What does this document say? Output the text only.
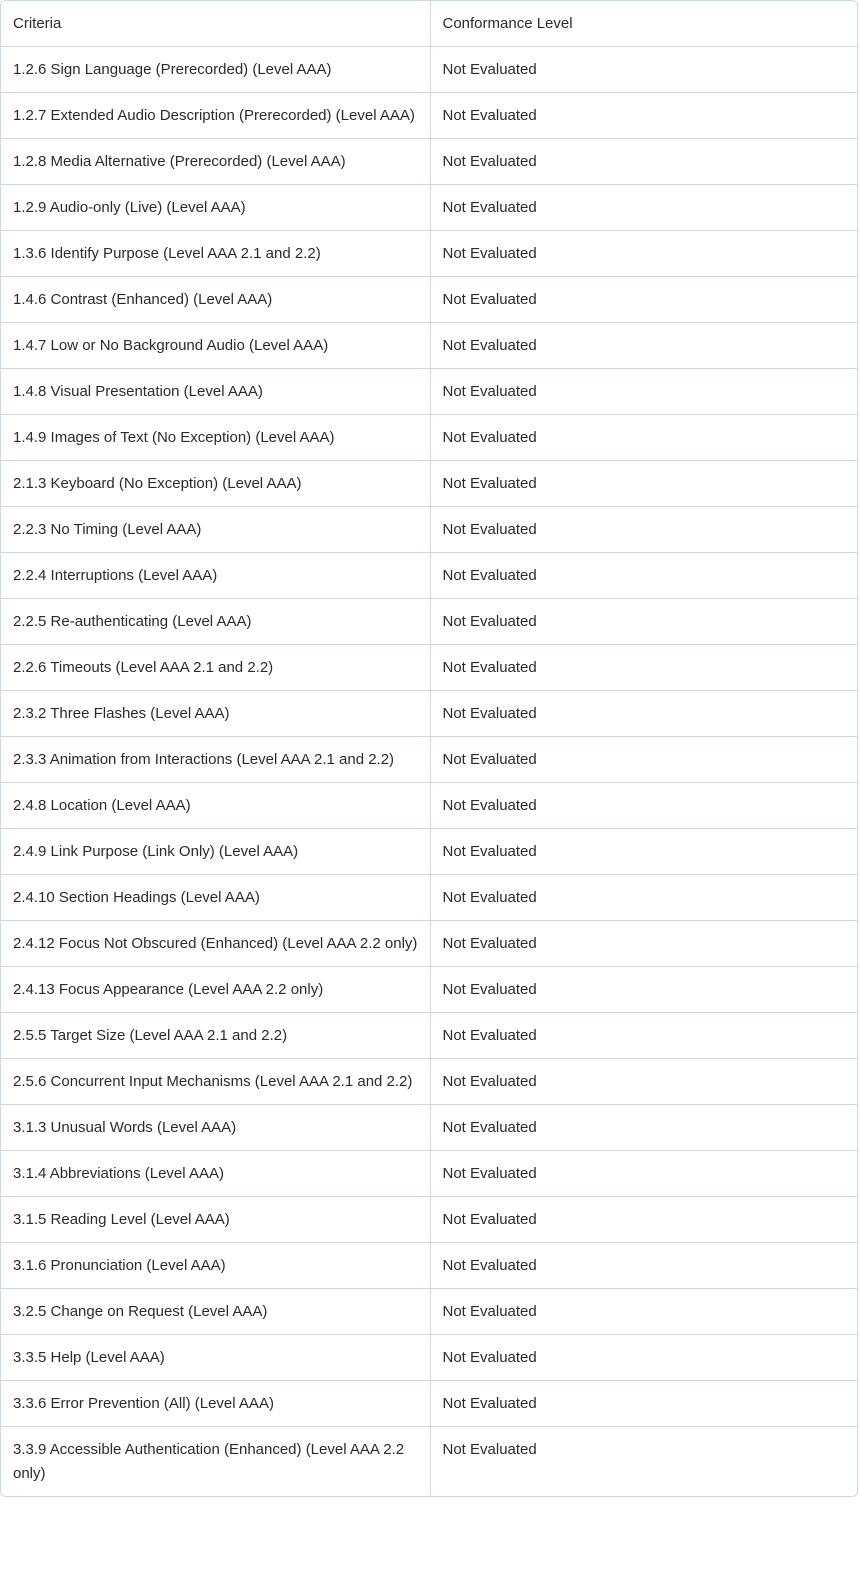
Criteria	Conformance Level
1.2.6 Sign Language (Prerecorded) (Level AAA)	Not Evaluated
1.2.7 Extended Audio Description (Prerecorded) (Level AAA)	Not Evaluated
1.2.8 Media Alternative (Prerecorded) (Level AAA)	Not Evaluated
1.2.9 Audio-only (Live) (Level AAA)	Not Evaluated
1.3.6 Identify Purpose (Level AAA 2.1 and 2.2)	Not Evaluated
1.4.6 Contrast (Enhanced) (Level AAA)	Not Evaluated
1.4.7 Low or No Background Audio (Level AAA)	Not Evaluated
1.4.8 Visual Presentation (Level AAA)	Not Evaluated
1.4.9 Images of Text (No Exception) (Level AAA)	Not Evaluated
2.1.3 Keyboard (No Exception) (Level AAA)	Not Evaluated
2.2.3 No Timing (Level AAA)	Not Evaluated
2.2.4 Interruptions (Level AAA)	Not Evaluated
2.2.5 Re-authenticating (Level AAA)	Not Evaluated
2.2.6 Timeouts (Level AAA 2.1 and 2.2)	Not Evaluated
2.3.2 Three Flashes (Level AAA)	Not Evaluated
2.3.3 Animation from Interactions (Level AAA 2.1 and 2.2)	Not Evaluated
2.4.8 Location (Level AAA)	Not Evaluated
2.4.9 Link Purpose (Link Only) (Level AAA)	Not Evaluated
2.4.10 Section Headings (Level AAA)	Not Evaluated
2.4.12 Focus Not Obscured (Enhanced) (Level AAA 2.2 only)	Not Evaluated
2.4.13 Focus Appearance (Level AAA 2.2 only)	Not Evaluated
2.5.5 Target Size (Level AAA 2.1 and 2.2)	Not Evaluated
2.5.6 Concurrent Input Mechanisms (Level AAA 2.1 and 2.2)	Not Evaluated
3.1.3 Unusual Words (Level AAA)	Not Evaluated
3.1.4 Abbreviations (Level AAA)	Not Evaluated
3.1.5 Reading Level (Level AAA)	Not Evaluated
3.1.6 Pronunciation (Level AAA)	Not Evaluated
3.2.5 Change on Request (Level AAA)	Not Evaluated
3.3.5 Help (Level AAA)	Not Evaluated
3.3.6 Error Prevention (All) (Level AAA)	Not Evaluated
3.3.9 Accessible Authentication (Enhanced) (Level AAA 2.2 only)	Not Evaluated
